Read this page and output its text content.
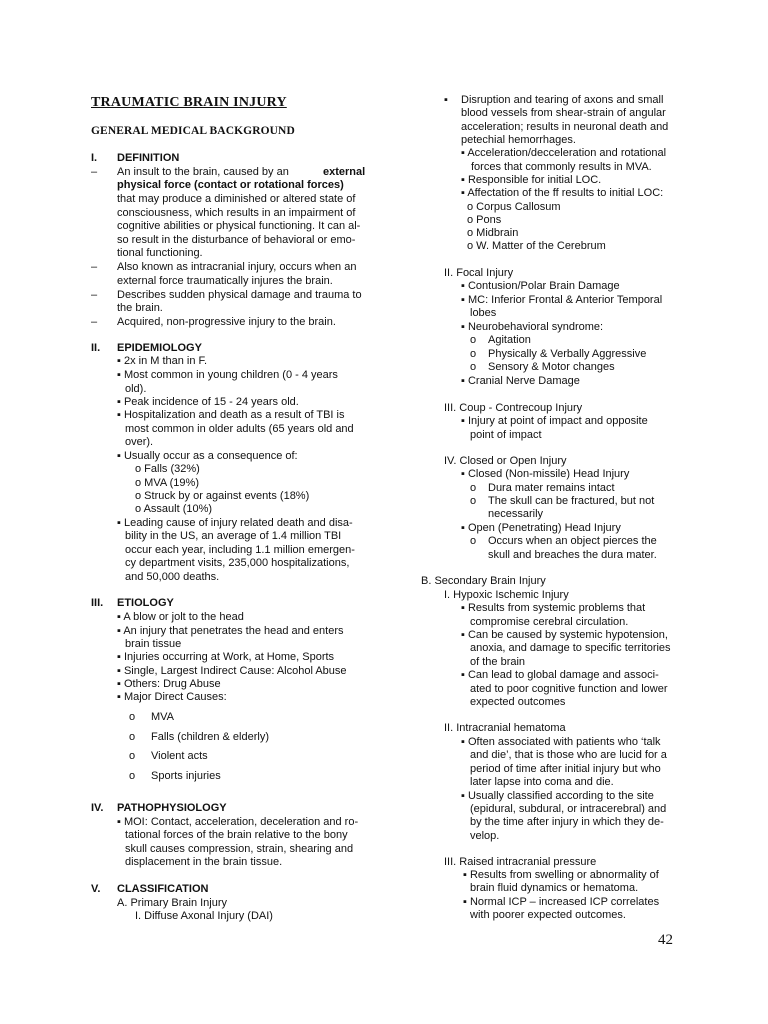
TRAUMATIC BRAIN INJURY
GENERAL MEDICAL BACKGROUND
I. DEFINITION
– An insult to the brain, caused by an	external
physical force (contact or rotational forces)
that may produce a diminished or altered state of
consciousness, which results in an impairment of
cognitive abilities or physical functioning. It can al-
so result in the disturbance of behavioral or emo-
tional functioning.
– Also known as intracranial injury, occurs when an
external force traumatically injures the brain.
– Describes sudden physical damage and trauma to
the brain.
– Acquired, non-progressive injury to the brain.
II. EPIDEMIOLOGY
▪ 2x in M than in F.
▪ Most common in young children (0 - 4 years
old).
▪ Peak incidence of 15 - 24 years old.
▪ Hospitalization and death as a result of TBI is
most common in older adults (65 years old and
over).
▪ Usually occur as a consequence of:
o Falls (32%)
o MVA (19%)
o Struck by or against events (18%)
o Assault (10%)
▪ Leading cause of injury related death and disa-
bility in the US, an average of 1.4 million TBI
occur each year, including 1.1 million emergen-
cy department visits, 235,000 hospitalizations,
and 50,000 deaths.
III. ETIOLOGY
▪ A blow or jolt to the head
▪ An injury that penetrates the head and enters
brain tissue
▪ Injuries occurring at Work, at Home, Sports
▪ Single, Largest Indirect Cause: Alcohol Abuse
▪ Others: Drug Abuse
▪ Major Direct Causes:
o MVA
o Falls (children & elderly)
o Violent acts
o Sports injuries
IV. PATHOPHYSIOLOGY
▪ MOI: Contact, acceleration, deceleration and ro-
tational forces of the brain relative to the bony
skull causes compression, strain, shearing and
displacement in the brain tissue.
V. CLASSIFICATION
A. Primary Brain Injury
I. Diffuse Axonal Injury (DAI)
▪ Disruption and tearing of axons and small
blood vessels from shear-strain of angular
acceleration; results in neuronal death and
petechial hemorrhages.
▪ Acceleration/decceleration and rotational
forces that commonly results in MVA.
▪ Responsible for initial LOC.
▪ Affectation of the ff results to initial LOC:
o Corpus Callosum
o Pons
o Midbrain
o W. Matter of the Cerebrum
II. Focal Injury
▪ Contusion/Polar Brain Damage
▪ MC: Inferior Frontal & Anterior Temporal
lobes
▪ Neurobehavioral syndrome:
o Agitation
o Physically & Verbally Aggressive
o Sensory & Motor changes
▪ Cranial Nerve Damage
III. Coup - Contrecoup Injury
▪ Injury at point of impact and opposite
point of impact
IV. Closed or Open Injury
▪ Closed (Non-missile) Head Injury
o Dura mater remains intact
o The skull can be fractured, but not
necessarily
▪ Open (Penetrating) Head Injury
o Occurs when an object pierces the
skull and breaches the dura mater.
B. Secondary Brain Injury
I. Hypoxic Ischemic Injury
▪ Results from systemic problems that
compromise cerebral circulation.
▪ Can be caused by systemic hypotension,
anoxia, and damage to specific territories
of the brain
▪ Can lead to global damage and associ-
ated to poor cognitive function and lower
expected outcomes
II. Intracranial hematoma
▪ Often associated with patients who ‘talk
and die’, that is those who are lucid for a
period of time after initial injury but who
later lapse into coma and die.
▪ Usually classified according to the site
(epidural, subdural, or intracerebral) and
by the time after injury in which they de-
velop.
III. Raised intracranial pressure
▪ Results from swelling or abnormality of
brain fluid dynamics or hematoma.
▪ Normal ICP – increased ICP correlates
with poorer expected outcomes.
42
